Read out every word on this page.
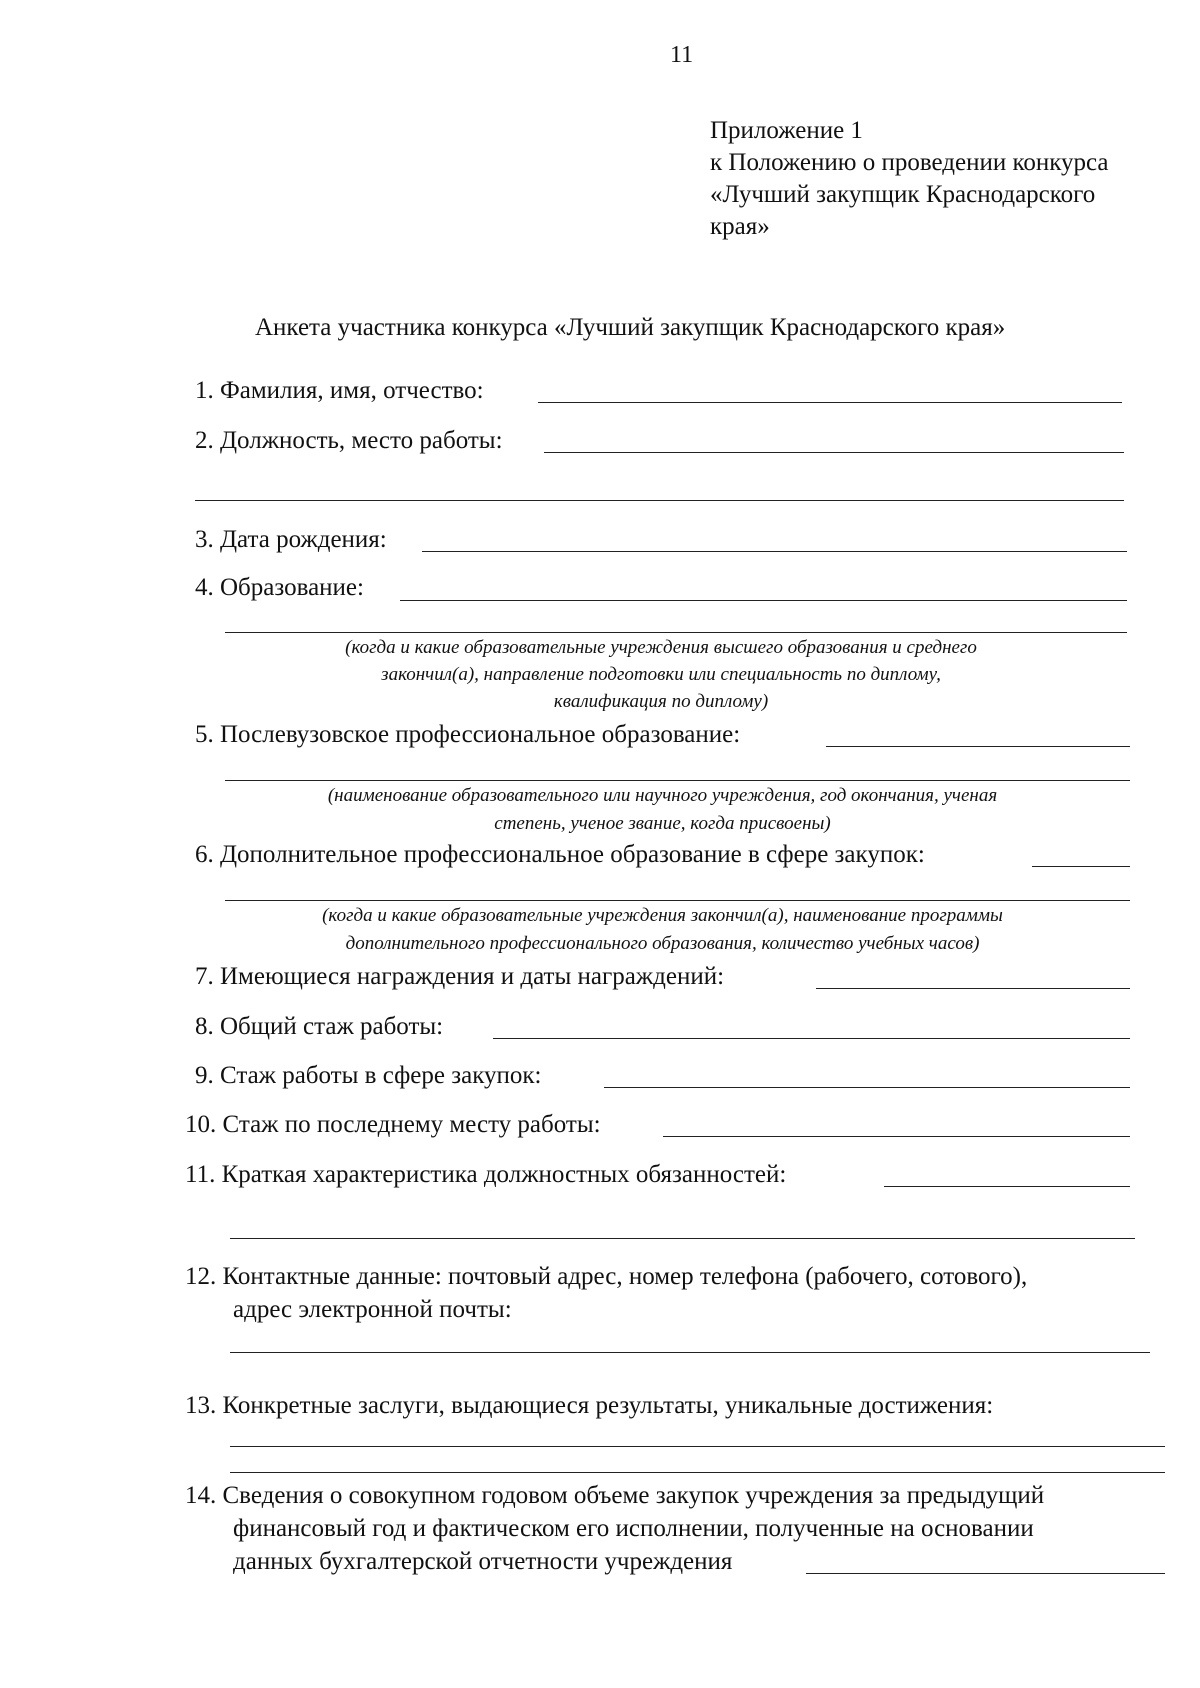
11
Приложение 1
к Положению о проведении конкурса
«Лучший закупщик Краснодарского
края»
Анкета участника конкурса «Лучший закупщик Краснодарского края»
1. Фамилия, имя, отчество:
2. Должность, место работы:
3. Дата рождения:
4. Образование:
(когда и какие образовательные учреждения высшего образования и среднего
закончил(а), направление подготовки или специальность по диплому,
квалификация по диплому)
5. Послевузовское профессиональное образование:
(наименование образовательного или научного учреждения, год окончания, ученая
степень, ученое звание, когда присвоены)
6. Дополнительное профессиональное образование в сфере закупок:
(когда и какие образовательные учреждения закончил(а), наименование программы
дополнительного профессионального образования, количество учебных часов)
7. Имеющиеся награждения и даты награждений:
8. Общий стаж работы:
9. Стаж работы в сфере закупок:
10. Стаж по последнему месту работы:
11. Краткая характеристика должностных обязанностей:
12. Контактные данные: почтовый адрес, номер телефона (рабочего, сотового),
адрес электронной почты:
13. Конкретные заслуги, выдающиеся результаты, уникальные достижения:
14. Сведения о совокупном годовом объеме закупок учреждения за предыдущий
финансовый год и фактическом его исполнении, полученные на основании
данных бухгалтерской отчетности учреждения
